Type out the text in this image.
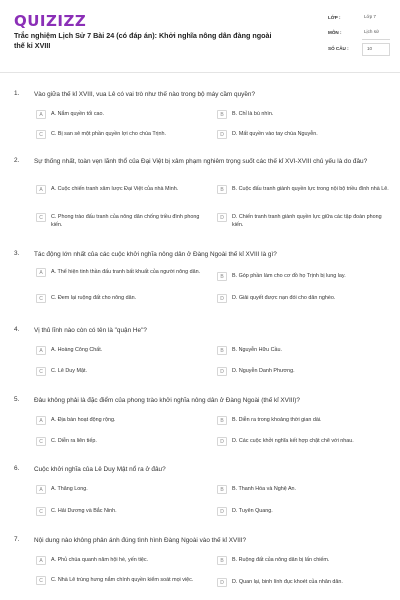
QUIZIZZ
Trắc nghiệm Lịch Sử 7 Bài 24 (có đáp án): Khởi nghĩa nông dân đàng ngoài thế kỉ XVIII
LỚP :	Lớp 7
MÔN :	Lịch sử
SỐ CÂU :	10
1. Vào giữa thế kỉ XVIII, vua Lê có vai trò như thế nào trong bộ máy cầm quyền?
A	A. Nắm quyền tối cao.	B	B. Chỉ là bù nhìn.
C	C. Bị san sẻ một phần quyền lợi cho chúa Trịnh.	D	D. Mất quyền vào tay chúa Nguyễn.
2. Sự thống nhất, toàn vẹn lãnh thổ của Đại Việt bị xâm phạm nghiêm trọng suốt các thế kỉ XVI-XVIII chủ yếu là do đâu?
A	A. Cuộc chiến tranh xâm lược Đại Việt của nhà Minh.	B	B. Cuộc đấu tranh giành quyền lực trong nội bộ triều đình nhà Lê.
C	C. Phong trào đấu tranh của nông dân chống triều đình phong kiến.
D	D. Chiến tranh tranh giành quyền lực giữa các tập đoàn phong kiến.
3. Tác động lớn nhất của các cuộc khởi nghĩa nông dân ở Đàng Ngoài thế kỉ XVIII là gì?
A	A. Thể hiện tinh thần đấu tranh bất khuất của người nông dân.
B	B. Góp phần làm cho cơ đồ họ Trịnh bị lung lay.
C	C. Đem lại ruộng đất cho nông dân.	D	D. Giải quyết được nạn đói cho dân nghèo.
4. Vị thủ lĩnh nào còn có tên là "quận He"?
A	A. Hoàng Công Chất.	B	B. Nguyễn Hữu Cầu.
C	C. Lê Duy Mật.	D	D. Nguyễn Danh Phương.
5. Đâu không phải là đặc điểm của phong trào khởi nghĩa nông dân ở Đàng Ngoài (thế kỉ XVIII)?
A	A. Địa bàn hoạt động rộng.	B	B. Diễn ra trong khoảng thời gian dài.
C	C. Diễn ra liên tiếp.	D	D. Các cuộc khởi nghĩa kết hợp chặt chẽ với nhau.
6. Cuộc khởi nghĩa của Lê Duy Mật nổ ra ở đâu?
A	A. Thăng Long.	B	B. Thanh Hóa và Nghệ An.
C	C. Hải Dương và Bắc Ninh.	D	D. Tuyên Quang.
7. Nội dung nào không phản ánh đúng tình hình Đàng Ngoài vào thế kỉ XVIII?
A	A. Phủ chúa quanh năm hội hè, yến tiệc.	B	B. Ruộng đất của nông dân bị lấn chiếm.
C	C. Nhà Lê trùng hưng nắm chính quyền kiểm soát mọi việc.	D	D. Quan lại, binh lính đục khoét của nhân dân.
